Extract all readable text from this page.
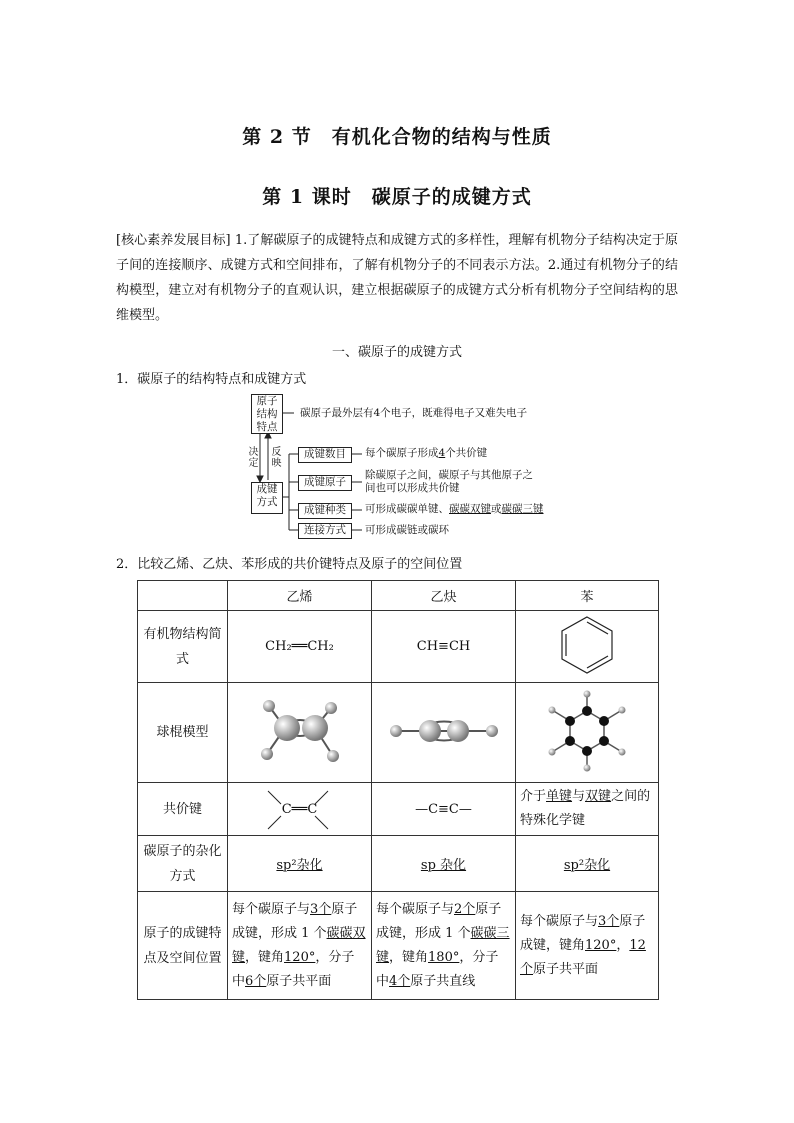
第 2 节　有机化合物的结构与性质
第 1 课时　碳原子的成键方式
[核心素养发展目标] 1.了解碳原子的成键特点和成键方式的多样性，理解有机物分子结构决定于原子间的连接顺序、成键方式和空间排布，了解有机物分子的不同表示方法。2.通过有机物分子的结构模型，建立对有机物分子的直观认识，建立根据碳原子的成键方式分析有机物分子空间结构的思维模型。
一、碳原子的成键方式
1．碳原子的结构特点和成键方式
原子结构特点
碳原子最外层有4个电子，既难得电子又难失电子
决定
反映
成键方式
成键数目	每个碳原子形成4个共价键
成键原子
除碳原子之间，碳原子与其他原子之间也可以形成共价键
成键种类	可形成碳碳单键、碳碳双键或碳碳三键
连接方式	可形成碳链或碳环
2．比较乙烯、乙炔、苯形成的共价键特点及原子的空间位置
	乙烯	乙炔	苯
有机物结构简式	CH₂══CH₂	CH≡CH	
球棍模型			
共价键	C══C	—C≡C—	介于单键与双键之间的特殊化学键
碳原子的杂化方式	sp²杂化	sp 杂化	sp²杂化
原子的成键特点及空间位置	每个碳原子与3个原子成键，形成 1 个碳碳双键，键角120°，分子中6个原子共平面	每个碳原子与2个原子成键，形成 1 个碳碳三键，键角180°，分子中4个原子共直线	每个碳原子与3个原子成键，键角120°，12个原子共平面
